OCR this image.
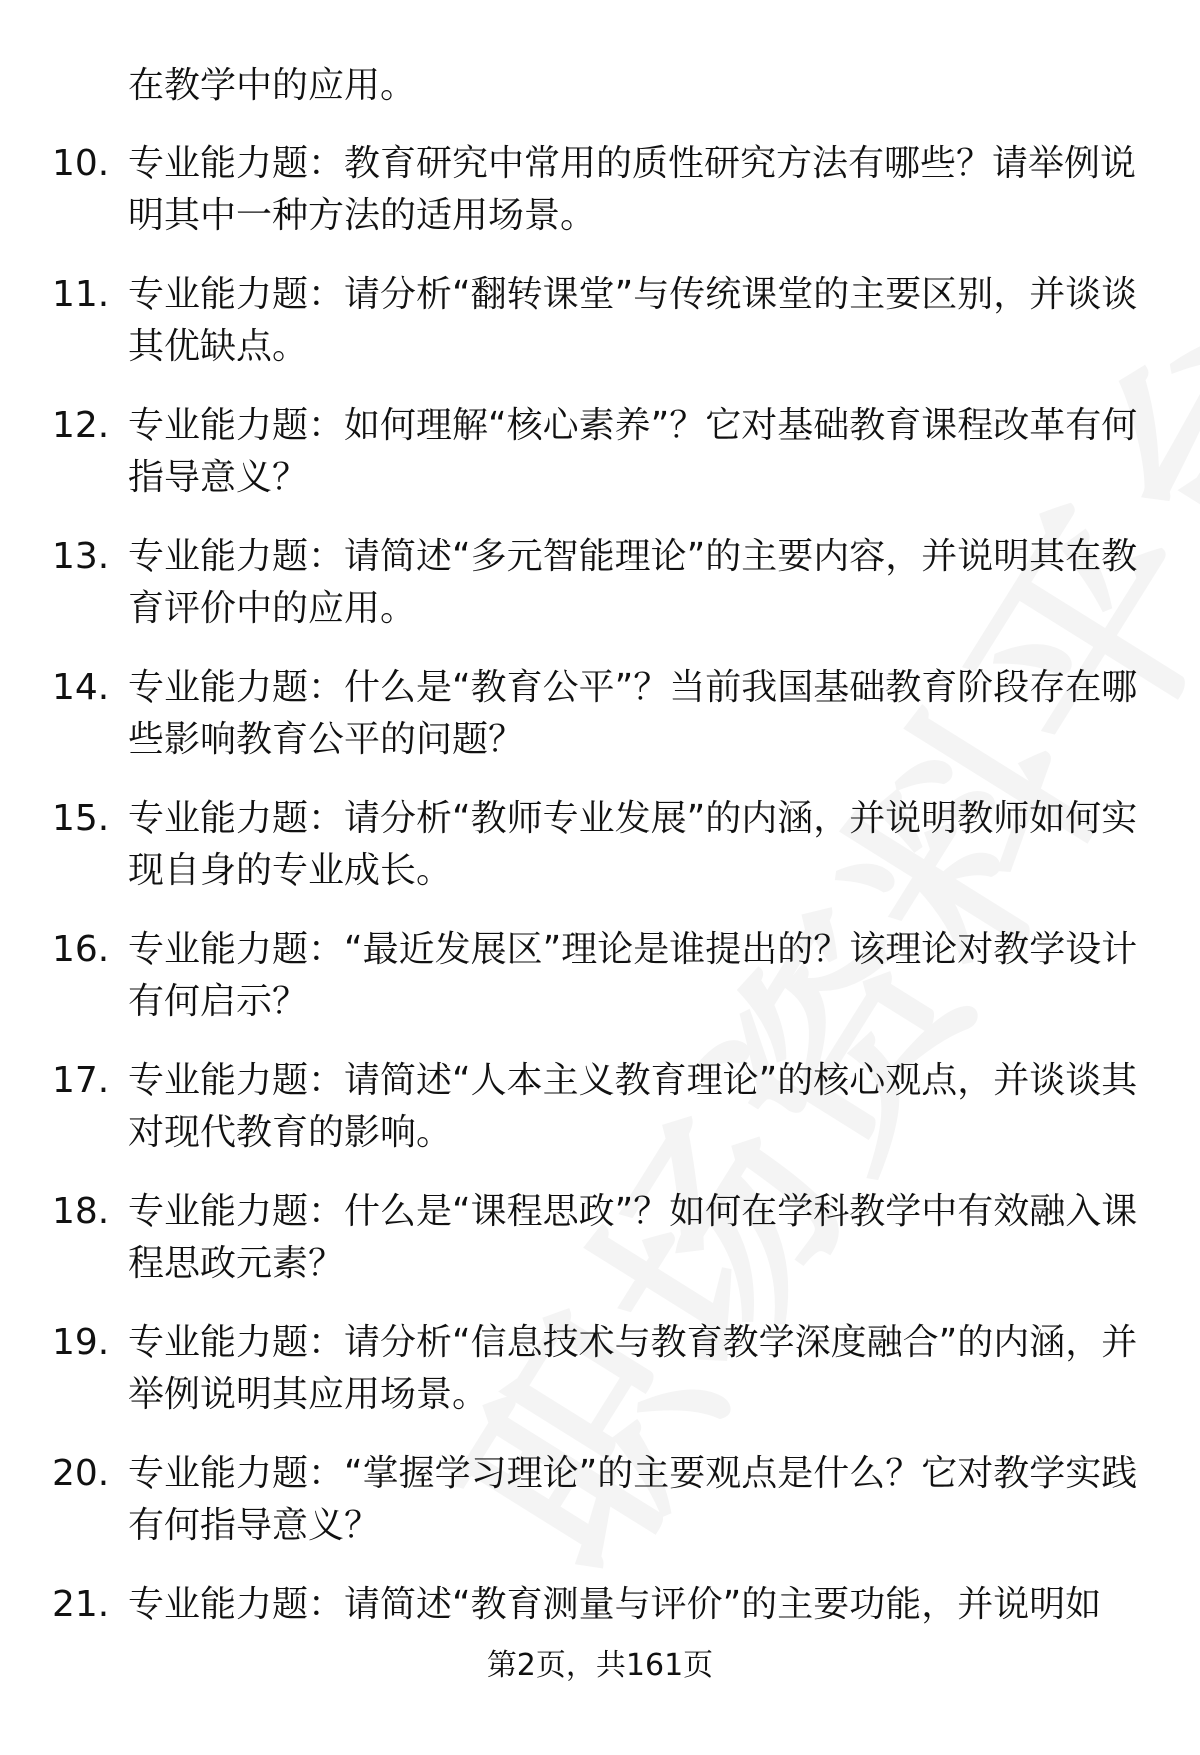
在教学中的应用。

10. 专业能力题：教育研究中常用的质性研究方法有哪些？请举例说明其中一种方法的适用场景。
11. 专业能力题：请分析“翻转课堂”与传统课堂的主要区别，并谈谈其优缺点。
12. 专业能力题：如何理解“核心素养”？它对基础教育课程改革有何指导意义？
13. 专业能力题：请简述“多元智能理论”的主要内容，并说明其在教育评价中的应用。
14. 专业能力题：什么是“教育公平”？当前我国基础教育阶段存在哪些影响教育公平的问题？
15. 专业能力题：请分析“教师专业发展”的内涵，并说明教师如何实现自身的专业成长。
16. 专业能力题：“最近发展区”理论是谁提出的？该理论对教学设计有何启示？
17. 专业能力题：请简述“人本主义教育理论”的核心观点，并谈谈其对现代教育的影响。
18. 专业能力题：什么是“课程思政”？如何在学科教学中有效融入课程思政元素？
19. 专业能力题：请分析“信息技术与教育教学深度融合”的内涵，并举例说明其应用场景。
20. 专业能力题：“掌握学习理论”的主要观点是什么？它对教学实践有何指导意义？
21. 专业能力题：请简述“教育测量与评价”的主要功能，并说明如
第2页，共161页
